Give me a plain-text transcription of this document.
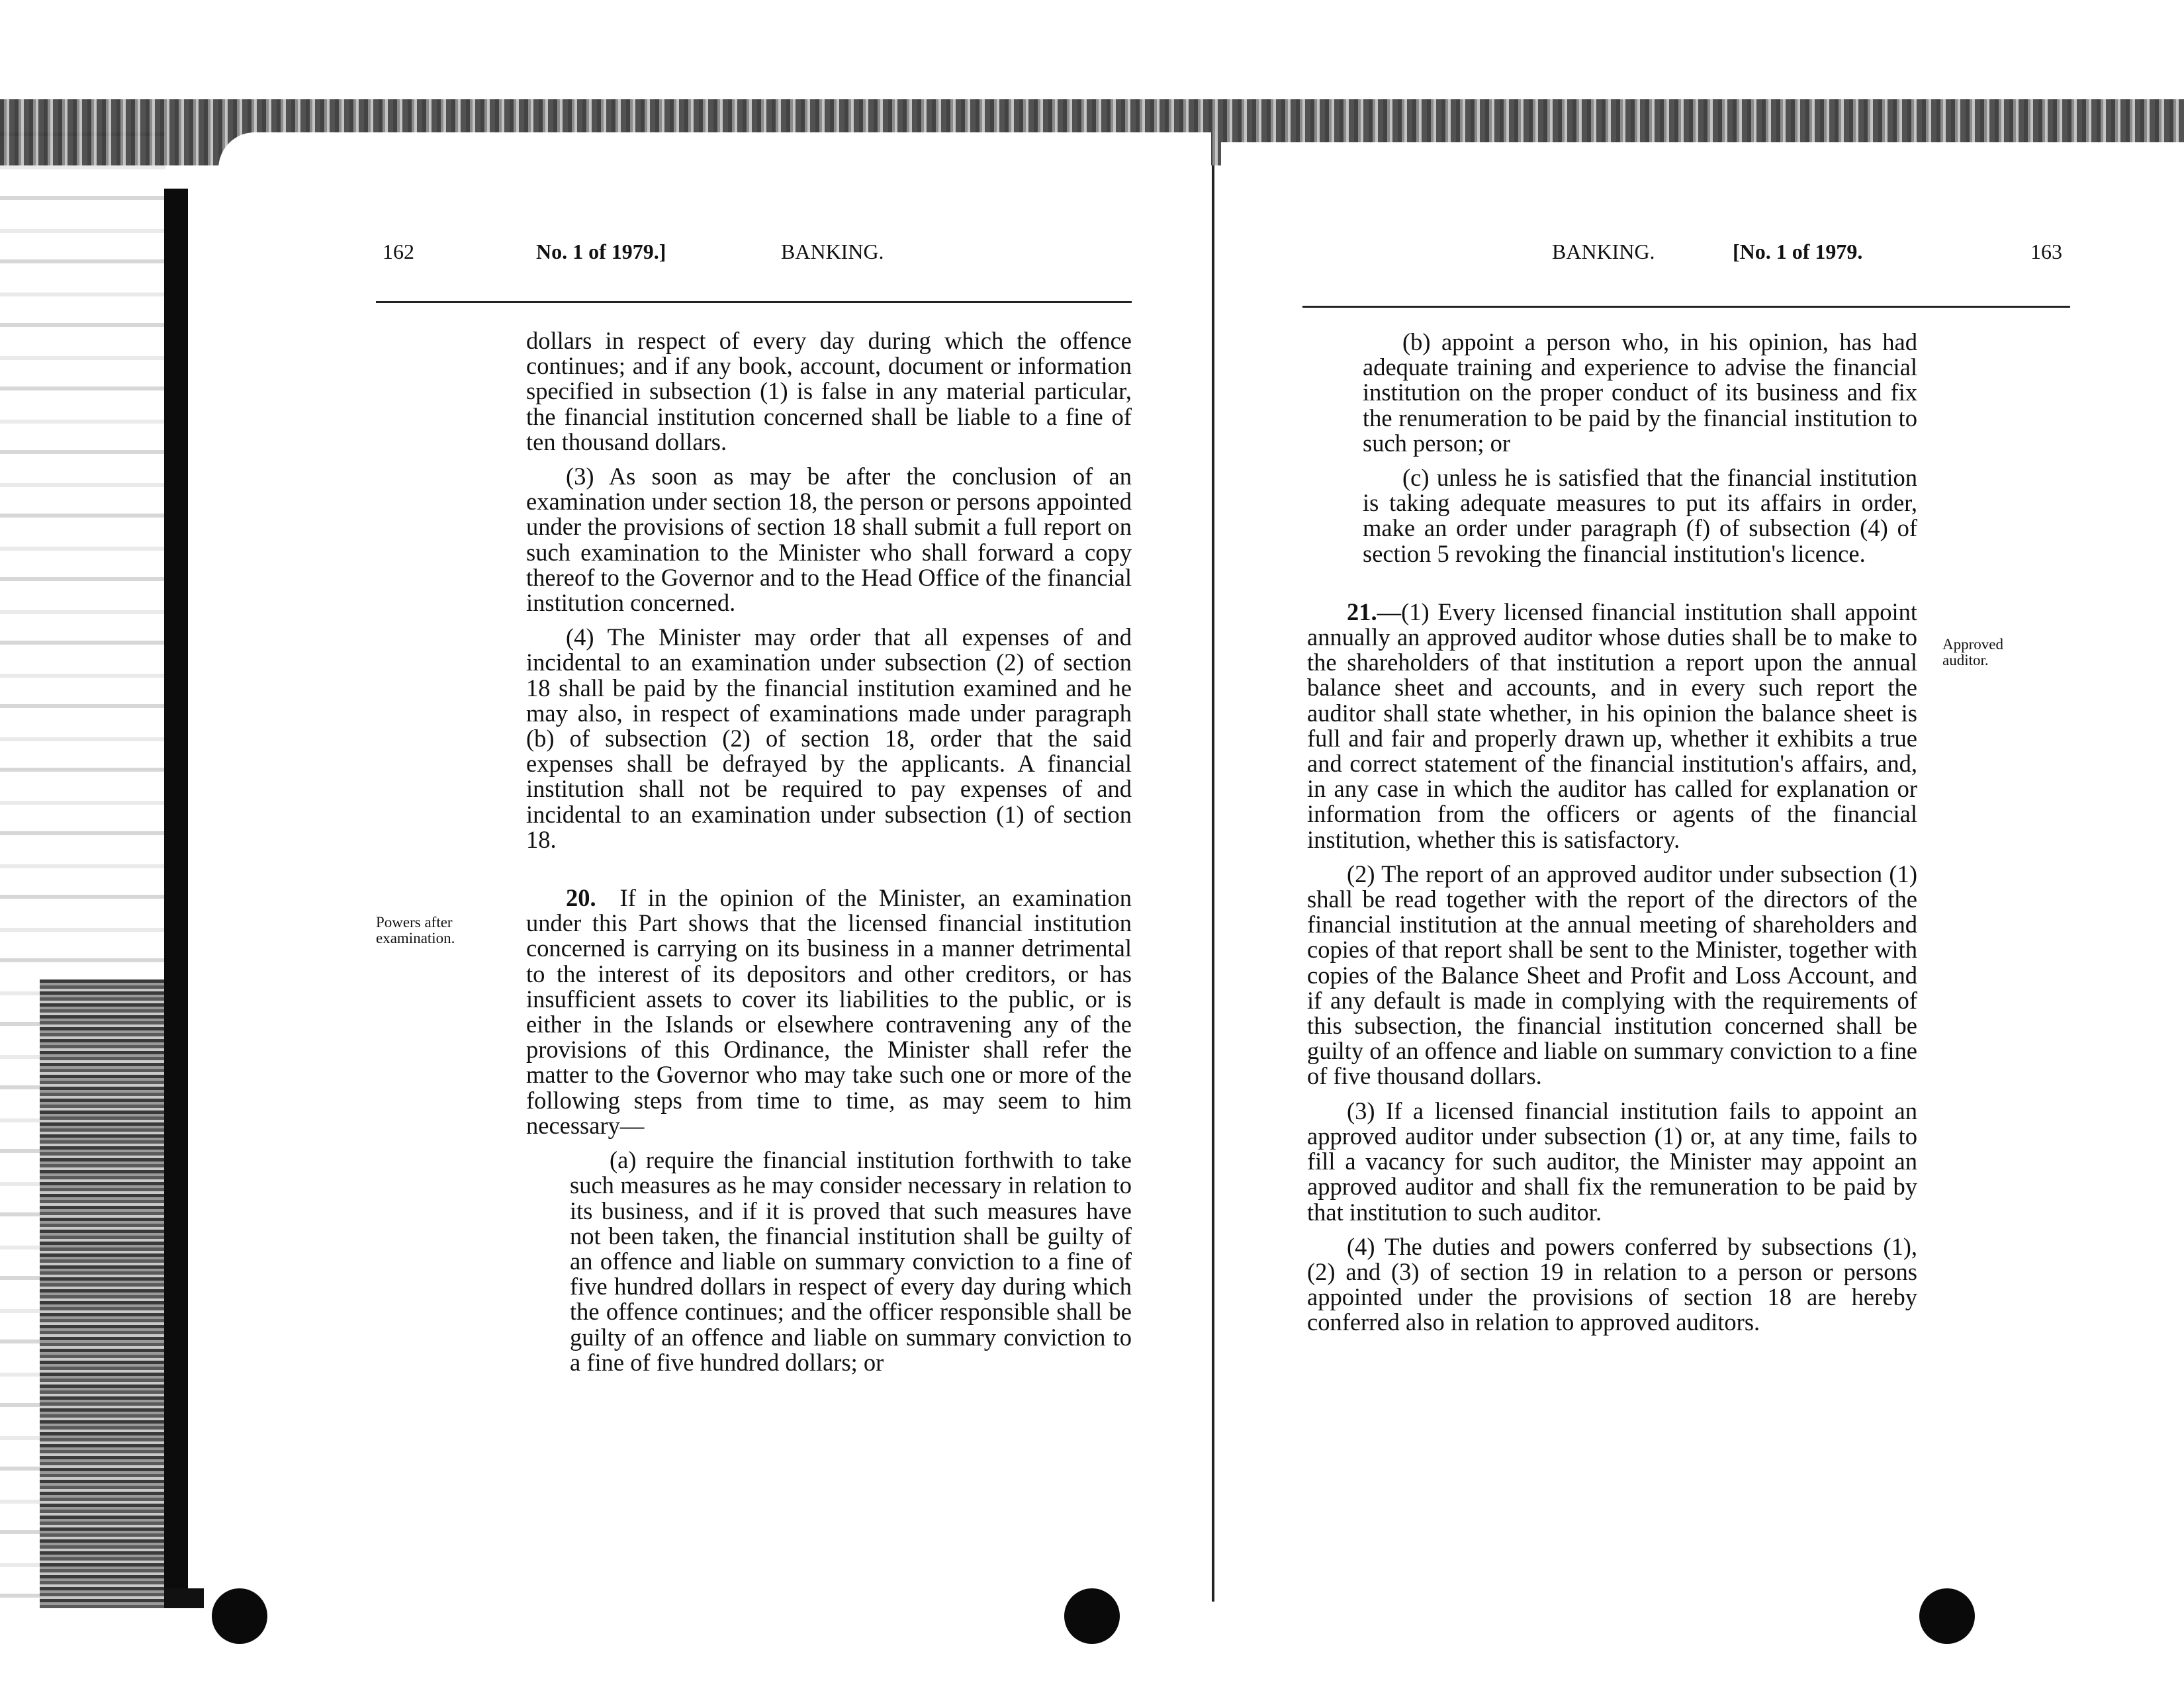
162	No. 1 of 1979.]	BANKING.

dollars in respect of every day during which the offence continues; and if any book, account, document or information specified in subsection (1) is false in any material particular, the financial institution concerned shall be liable to a fine of ten thousand dollars.

(3) As soon as may be after the conclusion of an examination under section 18, the person or persons appointed under the provisions of section 18 shall submit a full report on such examination to the Minister who shall forward a copy thereof to the Governor and to the Head Office of the financial institution concerned.

(4) The Minister may order that all expenses of and incidental to an examination under subsection (2) of section 18 shall be paid by the financial institution examined and he may also, in respect of examinations made under paragraph (b) of subsection (2) of section 18, order that the said expenses shall be defrayed by the applicants. A financial institution shall not be required to pay expenses of and incidental to an examination under subsection (1) of section 18.

20. If in the opinion of the Minister, an examination under this Part shows that the licensed financial institution concerned is carrying on its business in a manner detrimental to the interest of its depositors and other creditors, or has insufficient assets to cover its liabilities to the public, or is either in the Islands or elsewhere contravening any of the provisions of this Ordinance, the Minister shall refer the matter to the Governor who may take such one or more of the following steps from time to time, as may seem to him necessary—

(a) require the financial institution forthwith to take such measures as he may consider necessary in relation to its business, and if it is proved that such measures have not been taken, the financial institution shall be guilty of an offence and liable on summary conviction to a fine of five hundred dollars in respect of every day during which the offence continues; and the officer responsible shall be guilty of an offence and liable on summary conviction to a fine of five hundred dollars; or

Powers after examination.
BANKING.	[No. 1 of 1979.	163

(b) appoint a person who, in his opinion, has had adequate training and experience to advise the financial institution on the proper conduct of its business and fix the renumeration to be paid by the financial institution to such person; or

(c) unless he is satisfied that the financial institution is taking adequate measures to put its affairs in order, make an order under paragraph (f) of subsection (4) of section 5 revoking the financial institution's licence.

21.—(1) Every licensed financial institution shall appoint annually an approved auditor whose duties shall be to make to the shareholders of that institution a report upon the annual balance sheet and accounts, and in every such report the auditor shall state whether, in his opinion the balance sheet is full and fair and properly drawn up, whether it exhibits a true and correct statement of the financial institution's affairs, and, in any case in which the auditor has called for explanation or information from the officers or agents of the financial institution, whether this is satisfactory.

(2) The report of an approved auditor under subsection (1) shall be read together with the report of the directors of the financial institution at the annual meeting of shareholders and copies of that report shall be sent to the Minister, together with copies of the Balance Sheet and Profit and Loss Account, and if any default is made in complying with the requirements of this subsection, the financial institution concerned shall be guilty of an offence and liable on summary conviction to a fine of five thousand dollars.

(3) If a licensed financial institution fails to appoint an approved auditor under subsection (1) or, at any time, fails to fill a vacancy for such auditor, the Minister may appoint an approved auditor and shall fix the remuneration to be paid by that institution to such auditor.

(4) The duties and powers conferred by subsections (1), (2) and (3) of section 19 in relation to a person or persons appointed under the provisions of section 18 are hereby conferred also in relation to approved auditors.

Approved auditor.
